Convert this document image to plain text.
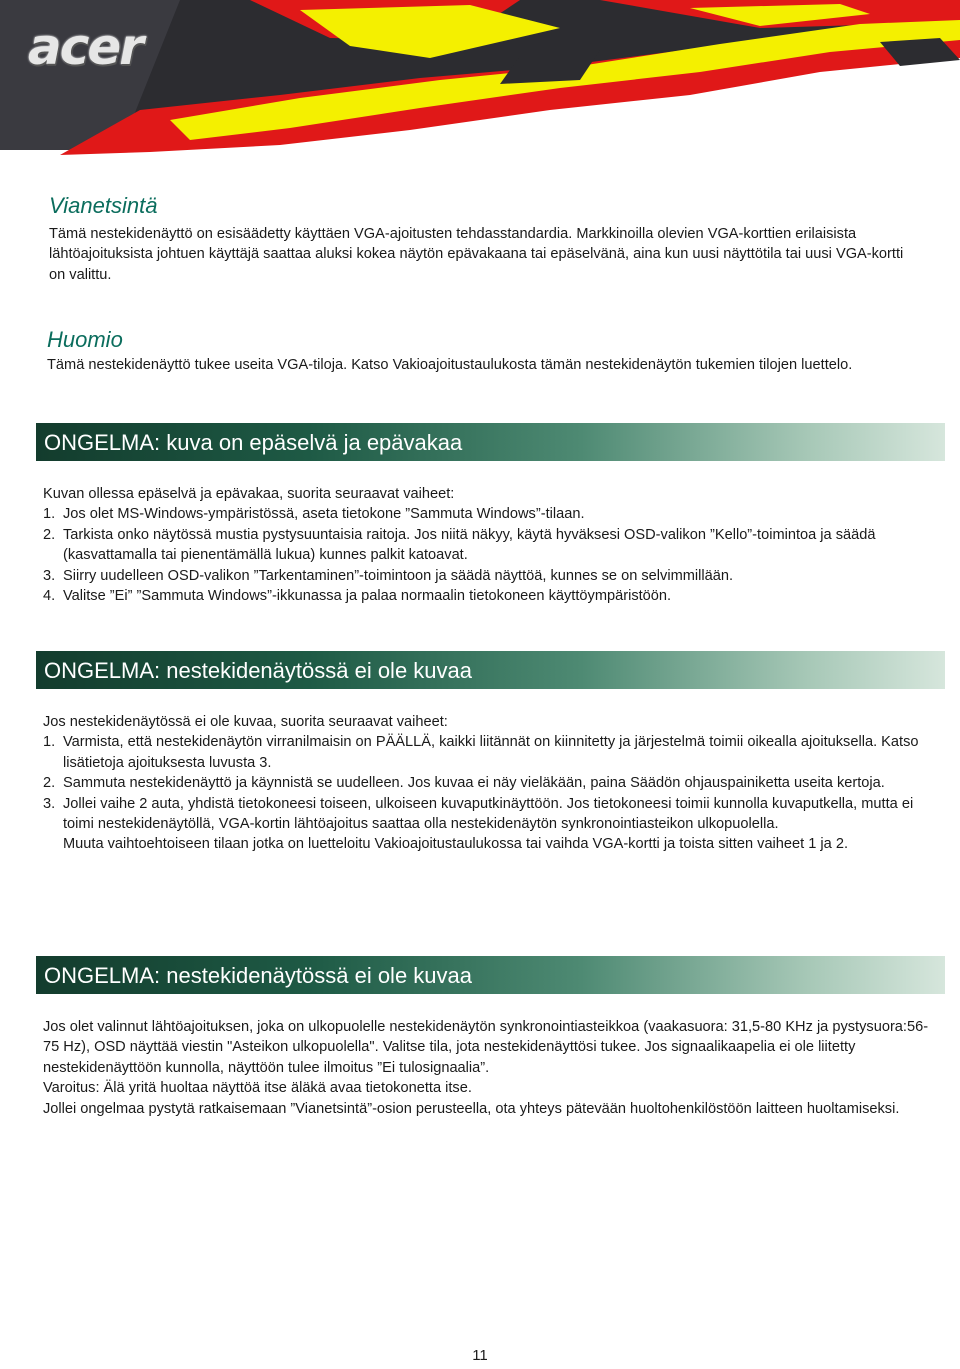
acer
Vianetsintä

Tämä nestekidenäyttö on esisäädetty käyttäen VGA-ajoitusten tehdasstandardia. Markkinoilla olevien VGA-korttien erilaisista lähtöajoituksista johtuen käyttäjä saattaa aluksi kokea näytön epävakaana tai epäselvänä, aina kun uusi näyttötila tai uusi VGA-kortti on valittu.

Huomio

Tämä nestekidenäyttö tukee useita VGA-tiloja. Katso Vakioajoitustaulukosta tämän nestekidenäytön tukemien tilojen luettelo.

ONGELMA: kuva on epäselvä ja epävakaa

Kuvan ollessa epäselvä ja epävakaa, suorita seuraavat vaiheet:

1. Jos olet MS-Windows-ympäristössä, aseta tietokone ”Sammuta Windows”-tilaan.
2. Tarkista onko näytössä mustia pystysuuntaisia raitoja. Jos niitä näkyy, käytä hyväksesi OSD-valikon ”Kello”-toimintoa ja säädä (kasvattamalla tai pienentämällä lukua) kunnes palkit katoavat.
3. Siirry uudelleen OSD-valikon ”Tarkentaminen”-toimintoon ja säädä näyttöä, kunnes se on selvimmillään.
4. Valitse ”Ei” ”Sammuta Windows”-ikkunassa ja palaa normaalin tietokoneen käyttöympäristöön.
ONGELMA: nestekidenäytössä ei ole kuvaa

Jos nestekidenäytössä ei ole kuvaa, suorita seuraavat vaiheet:

1. Varmista, että nestekidenäytön virranilmaisin on PÄÄLLÄ, kaikki liitännät on kiinnitetty ja järjestelmä toimii oikealla ajoituksella. Katso lisätietoja ajoituksesta luvusta 3.
2. Sammuta nestekidenäyttö ja käynnistä se uudelleen. Jos kuvaa ei näy vieläkään, paina Säädön ohjauspainiketta useita kertoja.
3. Jollei vaihe 2 auta, yhdistä tietokoneesi toiseen, ulkoiseen kuvaputkinäyttöön. Jos tietokoneesi toimii kunnolla kuvaputkella, mutta ei toimi nestekidenäytöllä, VGA-kortin lähtöajoitus saattaa olla nestekidenäytön synkronointiasteikon ulkopuolella.
Muuta vaihtoehtoiseen tilaan jotka on luetteloitu Vakioajoitustaulukossa tai vaihda VGA-kortti ja toista sitten vaiheet 1 ja 2.
ONGELMA: nestekidenäytössä ei ole kuvaa

Jos olet valinnut lähtöajoituksen, joka on ulkopuolelle nestekidenäytön synkronointiasteikkoa (vaakasuora: 31,5-80 KHz ja pystysuora:56-75 Hz), OSD näyttää viestin "Asteikon ulkopuolella". Valitse tila, jota nestekidenäyttösi tukee. Jos signaalikaapelia ei ole liitetty nestekidenäyttöön kunnolla, näyttöön tulee ilmoitus ”Ei tulosignaalia”.

Varoitus: Älä yritä huoltaa näyttöä itse äläkä avaa tietokonetta itse.

Jollei ongelmaa pystytä ratkaisemaan ”Vianetsintä”-osion perusteella, ota yhteys pätevään huoltohenkilöstöön laitteen huoltamiseksi.

11
